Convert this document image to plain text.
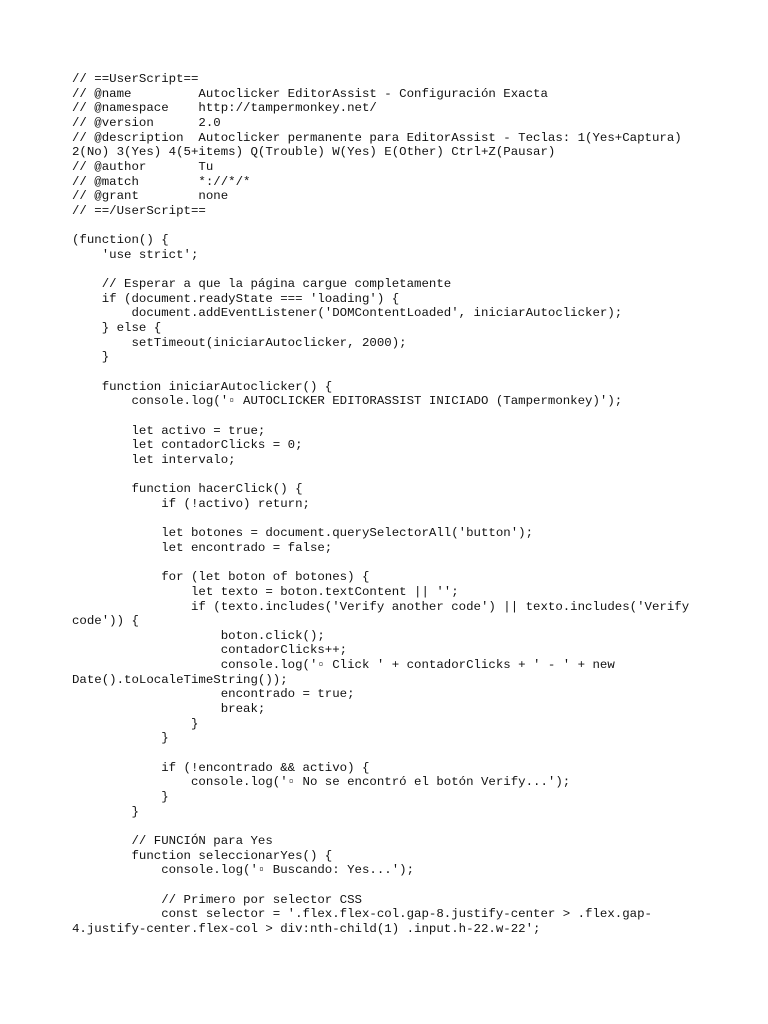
// ==UserScript==
// @name         Autoclicker EditorAssist - Configuración Exacta
// @namespace    http://tampermonkey.net/
// @version      2.0
// @description  Autoclicker permanente para EditorAssist - Teclas: 1(Yes+Captura)
2(No) 3(Yes) 4(5+items) Q(Trouble) W(Yes) E(Other) Ctrl+Z(Pausar)
// @author       Tu
// @match        *://*/*
// @grant        none
// ==/UserScript==
(function() {
'use strict';
// Esperar a que la página cargue completamente
if (document.readyState === 'loading') {
document.addEventListener('DOMContentLoaded', iniciarAutoclicker);
} else {
setTimeout(iniciarAutoclicker, 2000);
}
function iniciarAutoclicker() {
console.log('▫ AUTOCLICKER EDITORASSIST INICIADO (Tampermonkey)');
let activo = true;
let contadorClicks = 0;
let intervalo;
function hacerClick() {
if (!activo) return;
let botones = document.querySelectorAll('button');
let encontrado = false;
for (let boton of botones) {
let texto = boton.textContent || '';
if (texto.includes('Verify another code') || texto.includes('Verify
code')) {
boton.click();
contadorClicks++;
console.log('▫ Click ' + contadorClicks + ' - ' + new
Date().toLocaleTimeString());
encontrado = true;
break;
}
}
if (!encontrado && activo) {
console.log('▫ No se encontró el botón Verify...');
}
}
// FUNCIÓN para Yes
function seleccionarYes() {
console.log('▫ Buscando: Yes...');
// Primero por selector CSS
const selector = '.flex.flex-col.gap-8.justify-center > .flex.gap-
4.justify-center.flex-col > div:nth-child(1) .input.h-22.w-22';
